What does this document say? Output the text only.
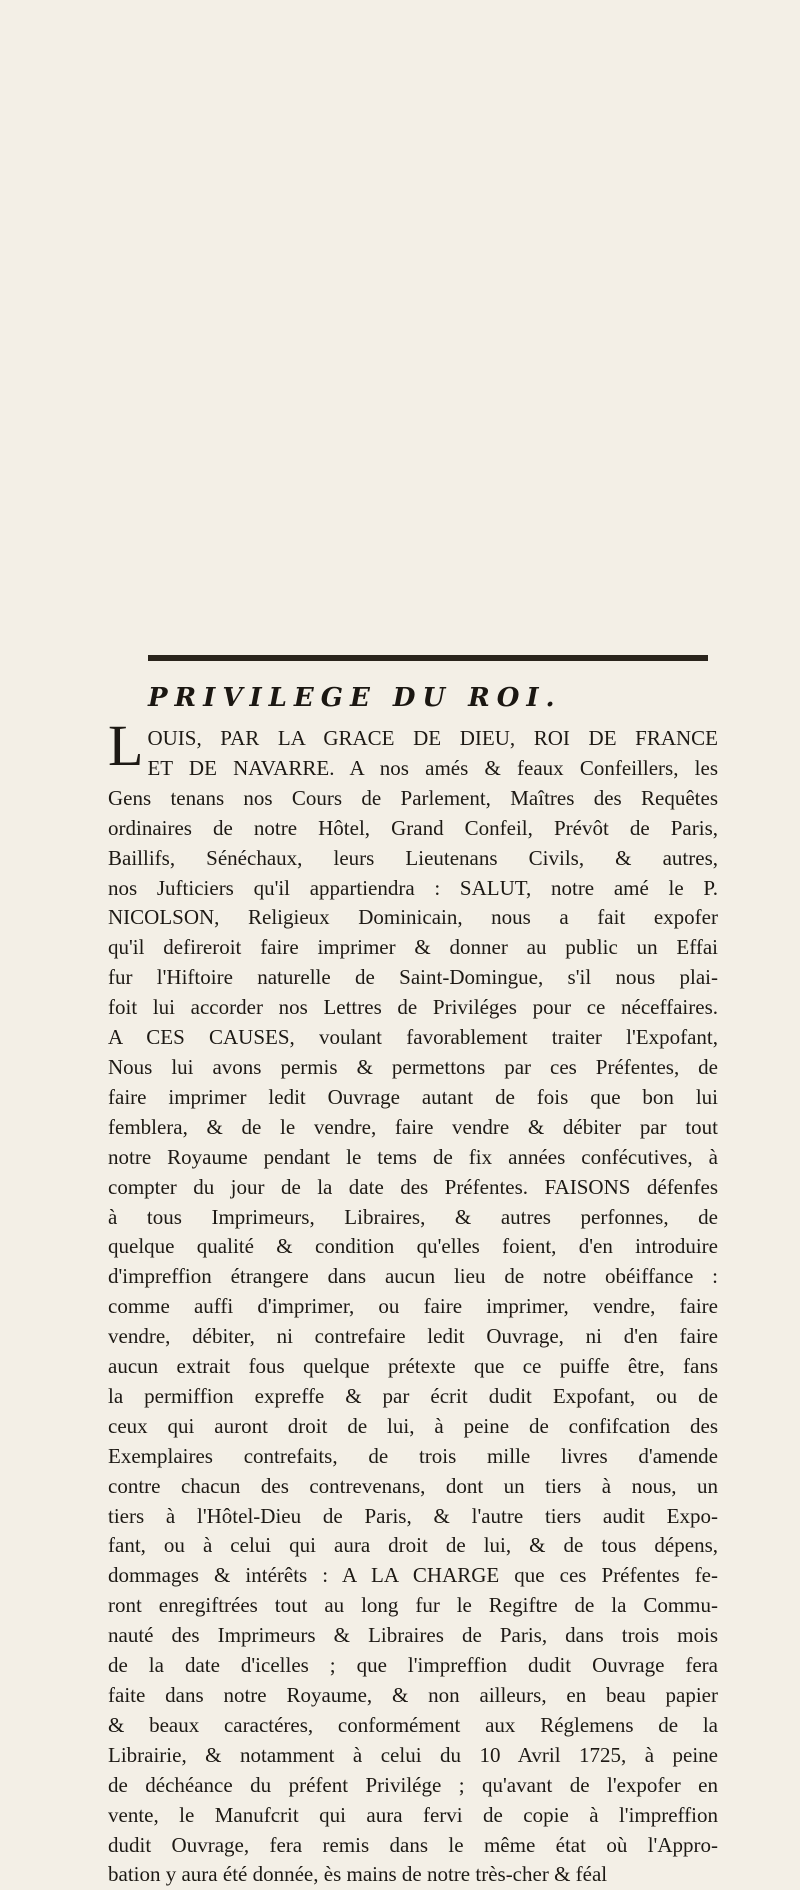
PRIVILEGE DU ROI.
L OUIS, PAR LA GRACE DE DIEU, ROI DE FRANCE
ET DE NAVARRE. A nos amés & feaux Confeillers, les
Gens tenans nos Cours de Parlement, Maîtres des Requêtes
ordinaires de notre Hôtel, Grand Confeil, Prévôt de Paris,
Baillifs, Sénéchaux, leurs Lieutenans Civils, & autres,
nos Jufticiers qu'il appartiendra : SALUT, notre amé le P.
NICOLSON, Religieux Dominicain, nous a fait expofer
qu'il defireroit faire imprimer & donner au public un Effai
fur l'Hiftoire naturelle de Saint-Domingue, s'il nous plai-
foit lui accorder nos Lettres de Priviléges pour ce néceffaires.
A CES CAUSES, voulant favorablement traiter l'Expofant,
Nous lui avons permis & permettons par ces Préfentes, de
faire imprimer ledit Ouvrage autant de fois que bon lui
femblera, & de le vendre, faire vendre & débiter par tout
notre Royaume pendant le tems de fix années confécutives, à
compter du jour de la date des Préfentes. FAISONS défenfes
à tous Imprimeurs, Libraires, & autres perfonnes, de
quelque qualité & condition qu'elles foient, d'en introduire
d'impreffion étrangere dans aucun lieu de notre obéiffance :
comme auffi d'imprimer, ou faire imprimer, vendre, faire
vendre, débiter, ni contrefaire ledit Ouvrage, ni d'en faire
aucun extrait fous quelque prétexte que ce puiffe être, fans
la permiffion expreffe & par écrit dudit Expofant, ou de
ceux qui auront droit de lui, à peine de confifcation des
Exemplaires contrefaits, de trois mille livres d'amende
contre chacun des contrevenans, dont un tiers à nous, un
tiers à l'Hôtel-Dieu de Paris, & l'autre tiers audit Expo-
fant, ou à celui qui aura droit de lui, & de tous dépens,
dommages & intérêts : A LA CHARGE que ces Préfentes fe-
ront enregiftrées tout au long fur le Regiftre de la Commu-
nauté des Imprimeurs & Libraires de Paris, dans trois mois
de la date d'icelles ; que l'impreffion dudit Ouvrage fera
faite dans notre Royaume, & non ailleurs, en beau papier
& beaux caractéres, conformément aux Réglemens de la
Librairie, & notamment à celui du 10 Avril 1725, à peine
de déchéance du préfent Privilége ; qu'avant de l'expofer en
vente, le Manufcrit qui aura fervi de copie à l'impreffion
dudit Ouvrage, fera remis dans le même état où l'Appro-
bation y aura été donnée, ès mains de notre très-cher & féal
